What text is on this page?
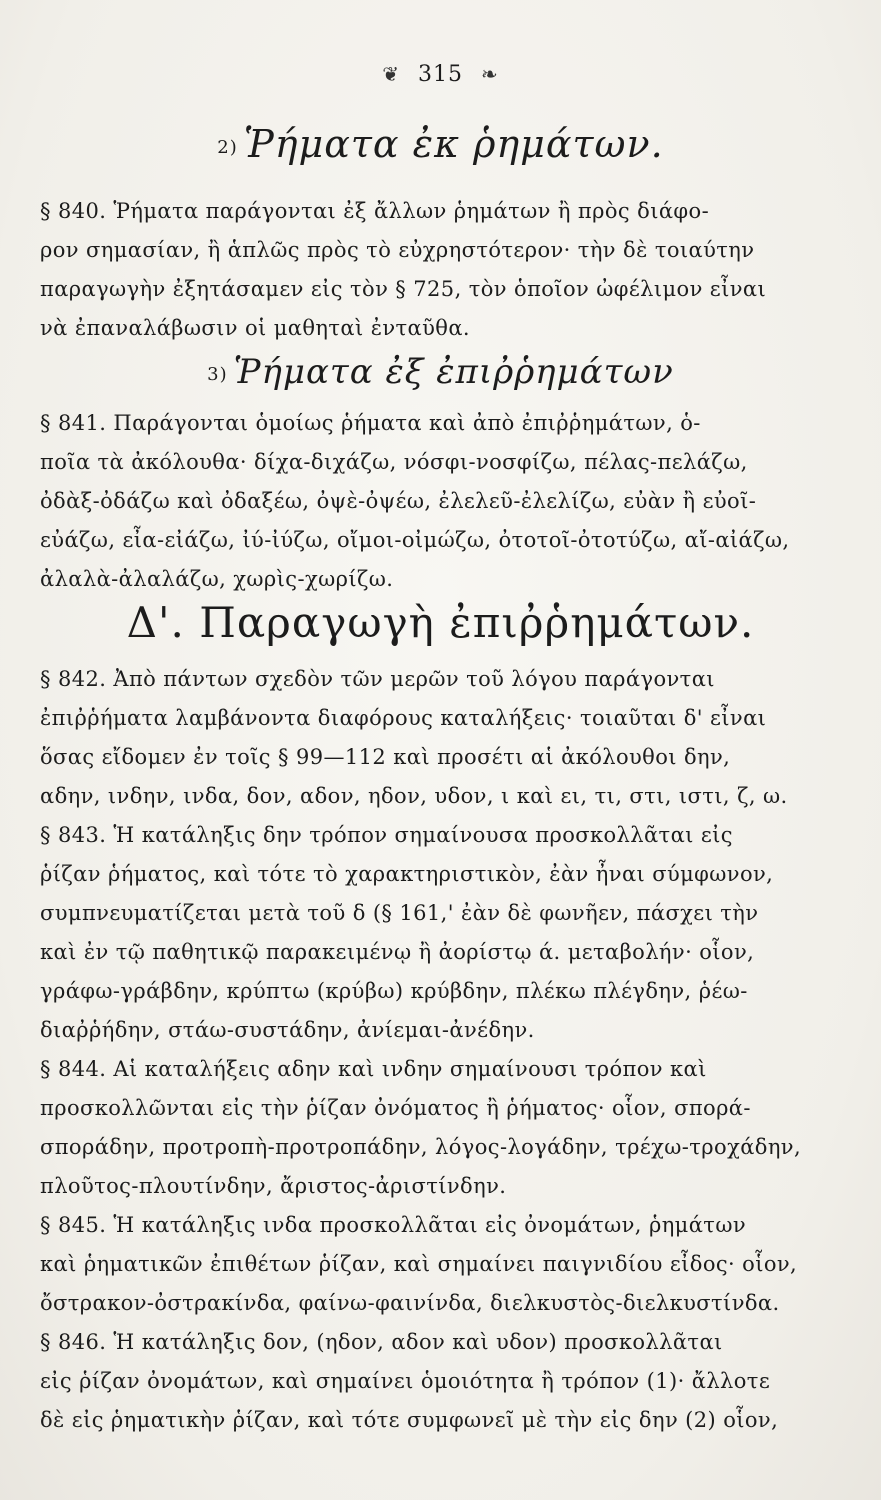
❦ 315 ❧
2) Ῥήματα ἐκ ῥημάτων.
§ 840. Ῥήματα παράγονται ἐξ ἄλλων ῥημάτων ἢ πρὸς διάφο-
ρον σημασίαν, ἢ ἁπλῶς πρὸς τὸ εὐχρηστότερον· τὴν δὲ τοιαύτην
παραγωγὴν ἐξητάσαμεν εἰς τὸν § 725, τὸν ὁποῖον ὠφέλιμον εἶναι
νὰ ἐπαναλάβωσιν οἱ μαθηταὶ ἐνταῦθα.
3) Ῥήματα ἐξ ἐπιῤῥημάτων
§ 841. Παράγονται ὁμοίως ῥήματα καὶ ἀπὸ ἐπιῤῥημάτων, ὁ-
ποῖα τὰ ἀκόλουθα· δίχα-διχάζω, νόσφι-νοσφίζω, πέλας-πελάζω,
ὀδὰξ-ὀδάζω καὶ ὀδαξέω, ὀψὲ-ὀψέω, ἐλελεῦ-ἐλελίζω, εὐὰν ἢ εὐοῖ-
εὐάζω, εἶα-εἰάζω, ἰύ-ἰύζω, οἴμοι-οἰμώζω, ὀτοτοῖ-ὀτοτύζω, αἴ-αἰάζω,
ἀλαλὰ-ἀλαλάζω, χωρὶς-χωρίζω.
Δ'. Παραγωγὴ ἐπιῤῥημάτων.
§ 842. Ἀπὸ πάντων σχεδὸν τῶν μερῶν τοῦ λόγου παράγονται
ἐπιῤῥήματα λαμβάνοντα διαφόρους καταλήξεις· τοιαῦται δ' εἶναι
ὅσας εἴδομεν ἐν τοῖς § 99—112 καὶ προσέτι αἱ ἀκόλουθοι δην,
αδην, ινδην, ινδα, δον, αδον, ηδον, υδον, ι καὶ ει, τι, στι, ιστι, ζ, ω.
§ 843. Ἡ κατάληξις δην τρόπον σημαίνουσα προσκολλᾶται εἰς
ῥίζαν ῥήματος, καὶ τότε τὸ χαρακτηριστικὸν, ἐὰν ἦναι σύμφωνον,
συμπνευματίζεται μετὰ τοῦ δ (§ 161,' ἐὰν δὲ φωνῆεν, πάσχει τὴν
καὶ ἐν τῷ παθητικῷ παρακειμένῳ ἢ ἀορίστῳ ά. μεταβολήν· οἷον,
γράφω-γράβδην, κρύπτω (κρύβω) κρύβδην, πλέκω πλέγδην, ῥέω-
διαῤῥήδην, στάω-συστάδην, ἀνίεμαι-ἀνέδην.
§ 844. Αἱ καταλήξεις αδην καὶ ινδην σημαίνουσι τρόπον καὶ
προσκολλῶνται εἰς τὴν ῥίζαν ὀνόματος ἢ ῥήματος· οἷον, σπορά-
σποράδην, προτροπὴ-προτροπάδην, λόγος-λογάδην, τρέχω-τροχάδην,
πλοῦτος-πλουτίνδην, ἄριστος-ἀριστίνδην.
§ 845. Ἡ κατάληξις ινδα προσκολλᾶται εἰς ὀνομάτων, ῥημάτων
καὶ ῥηματικῶν ἐπιθέτων ῥίζαν, καὶ σημαίνει παιγνιδίου εἶδος· οἷον,
ὄστρακον-ὀστρακίνδα, φαίνω-φαινίνδα, διελκυστὸς-διελκυστίνδα.
§ 846. Ἡ κατάληξις δον, (ηδον, αδον καὶ υδον) προσκολλᾶται
εἰς ῥίζαν ὀνομάτων, καὶ σημαίνει ὁμοιότητα ἢ τρόπον (1)· ἄλλοτε
δὲ εἰς ῥηματικὴν ῥίζαν, καὶ τότε συμφωνεῖ μὲ τὴν εἰς δην (2) οἷον,
